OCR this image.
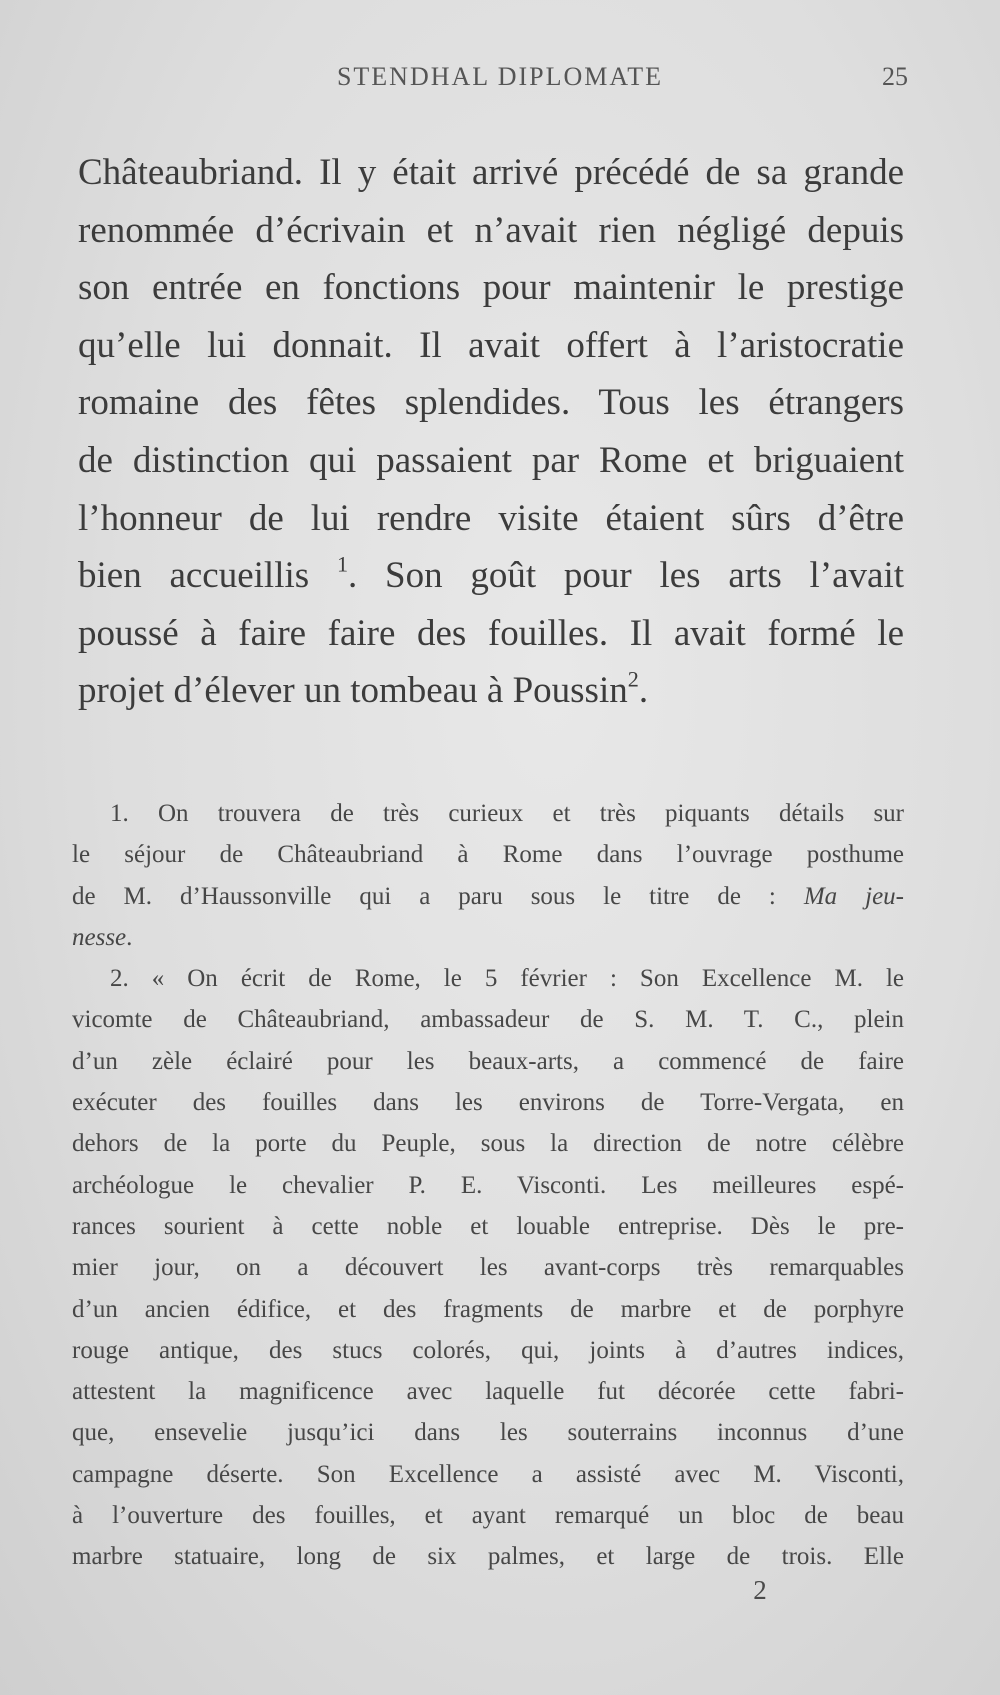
STENDHAL DIPLOMATE	25
Châteaubriand. Il y était arrivé précédé de sa grande
renommée d’écrivain et n’avait rien négligé depuis
son entrée en fonctions pour maintenir le prestige
qu’elle lui donnait. Il avait offert à l’aristocratie
romaine des fêtes splendides. Tous les étrangers
de distinction qui passaient par Rome et briguaient
l’honneur de lui rendre visite étaient sûrs d’être
bien accueillis $^1$. Son goût pour les arts l’avait
poussé à faire faire des fouilles. Il avait formé le
projet d’élever un tombeau à Poussin$^2$.
1. On trouvera de très curieux et très piquants détails sur
le séjour de Châteaubriand à Rome dans l’ouvrage posthume
de M. d’Haussonville qui a paru sous le titre de : Ma jeu-
nesse.
2. « On écrit de Rome, le 5 février : Son Excellence M. le
vicomte de Châteaubriand, ambassadeur de S. M. T. C., plein
d’un zèle éclairé pour les beaux-arts, a commencé de faire
exécuter des fouilles dans les environs de Torre-Vergata, en
dehors de la porte du Peuple, sous la direction de notre célèbre
archéologue le chevalier P. E. Visconti. Les meilleures espé-
rances sourient à cette noble et louable entreprise. Dès le pre-
mier jour, on a découvert les avant-corps très remarquables
d’un ancien édifice, et des fragments de marbre et de porphyre
rouge antique, des stucs colorés, qui, joints à d’autres indices,
attestent la magnificence avec laquelle fut décorée cette fabri-
que, ensevelie jusqu’ici dans les souterrains inconnus d’une
campagne déserte. Son Excellence a assisté avec M. Visconti,
à l’ouverture des fouilles, et ayant remarqué un bloc de beau
marbre statuaire, long de six palmes, et large de trois. Elle
2
